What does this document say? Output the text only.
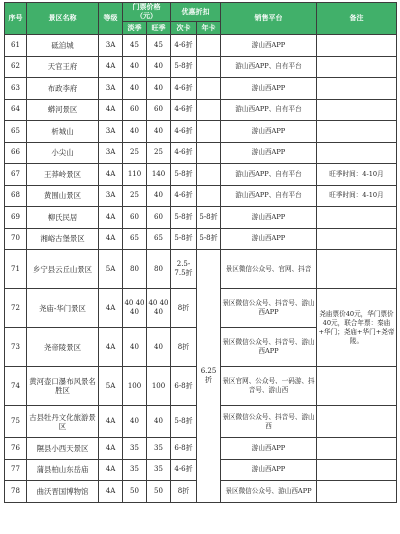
序号	景区名称	等级	门票价格（元）		优惠折扣		销售平台	备注
			淡季	旺季	次卡	年卡		
61	砥洎城	3A	45	45	4-6折		游山西APP	
62	天官王府	4A	40	40	5-8折		游山西APP、自有平台	
63	布政李府	3A	40	40	4-6折		游山西APP	
64	蟒河景区	4A	60	60	4-6折		游山西APP、自有平台	
65	析城山	3A	40	40	4-6折		游山西APP	
66	小尖山	3A	25	25	4-6折		游山西APP	
67	王莽岭景区	4A	110	140	5-8折		游山西APP、自有平台	旺季时间：4-10月
68	黄围山景区	3A	25	40	4-6折		游山西APP、自有平台	旺季时间：4-10月
69	柳氏民居	4A	60	60	5-8折	5-8折	游山西APP	
70	湘峪古堡景区	4A	65	65	5-8折	5-8折	游山西APP	
71	乡宁县云丘山景区	5A	80	80	2.5-7.5折	6.25折	景区微信公众号、官网、抖音	
72	尧庙-华门景区	4A	40 40 40	40 40 40	8折		景区微信公众号、抖音号、游山西APP	尧庙票价40元，华门票价40元，联合年票：秦庙+华门；尧庙+华门+尧帝陵。
73	尧帝陵景区	4A	40	40	8折		景区微信公众号、抖音号、游山西APP	
74	黄河壶口瀑布风景名胜区	5A	100	100	6-8折		景区官网、公众号、一码游、抖音号、游山西	
75	古县牡丹文化旅游景区	4A	40	40	5-8折		景区微信公众号、抖音号、游山西	
76	隰县小西天景区	4A	35	35	6-8折		游山西APP	
77	蒲县柏山东岳庙	4A	35	35	4-6折		游山西APP	
78	曲沃晋国博物馆	4A	50	50	8折		景区微信公众号、游山西APP	
